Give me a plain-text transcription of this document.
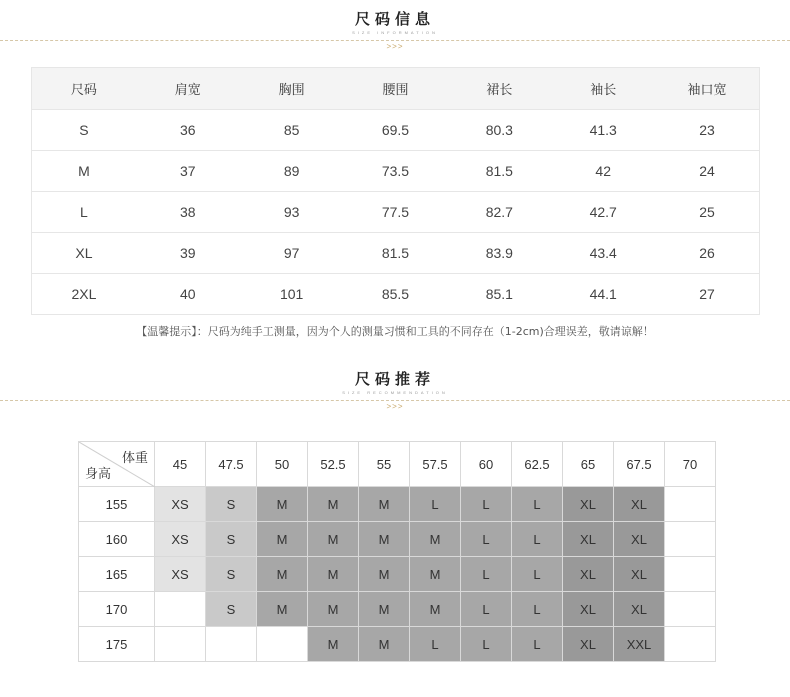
尺码信息
SIZE INFORMATION
>>>
尺码	肩宽	胸围	腰围	裙长	袖长	袖口宽
S	36	85	69.5	80.3	41.3	23
M	37	89	73.5	81.5	42	24
L	38	93	77.5	82.7	42.7	25
XL	39	97	81.5	83.9	43.4	26
2XL	40	101	85.5	85.1	44.1	27
【温馨提示】：尺码为纯手工测量，因为个人的测量习惯和工具的不同存在（1-2cm)合理误差，敬请谅解！
尺码推荐
SIZE RECOMMENDATION
>>>
体重
身高	45	47.5	50	52.5	55	57.5	60	62.5	65	67.5	70
155	XS	S	M	M	M	L	L	L	XL	XL	
160	XS	S	M	M	M	M	L	L	XL	XL	
165	XS	S	M	M	M	M	L	L	XL	XL	
170		S	M	M	M	M	L	L	XL	XL	
175				M	M	L	L	L	XL	XXL	
